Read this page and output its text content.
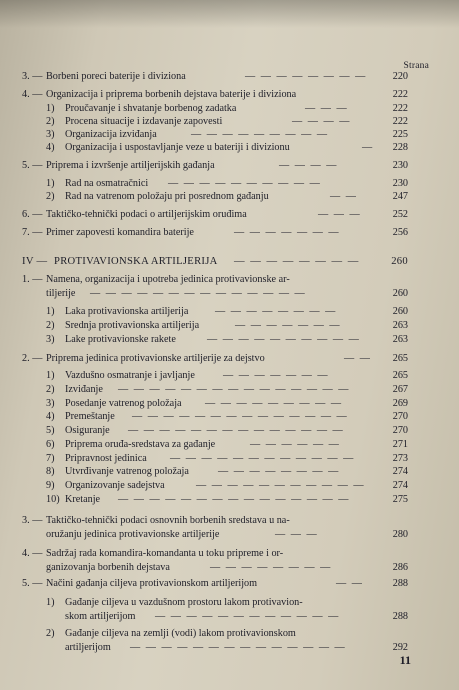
Strana
3. — Borbeni poreci baterije i diviziona	— — — — — — — —	220
4. — Organizacija i priprema borbenih dejstava baterije i diviziona	222
1) Proučavanje i shvatanje borbenog zadatka	— — —	222
2) Procena situacije i izdavanje zapovesti	— — — —	222
3) Organizacija izviđanja	— — — — — — — — —	225
4) Organizacija i uspostavljanje veze u bateriji i divizionu	— 228
5. — Priprema i izvršenje artiljerijskih gađanja	— — — —	230
1) Rad na osmatračnici — — — — — — — — — —	230
2) Rad na vatrenom položaju pri posrednom gađanju	— —	247
6. — Taktičko-tehnički podaci o artiljerijskim oruđima	— — —	252
7. — Primer zapovesti komandira baterije	— — — — — — —	256
IV — PROTIVAVIONSKA ARTILJERIJA — — — — — — — —	260
1. — Namena, organizacija i upotreba jedinica protivavionske ar-
tiljerije — — — — — — — — — — — — — —	260
1) Laka protivavionska artiljerija	— — — — — — — —	260
2) Srednja protivavionska artiljerija	— — — — — — —	263
3) Lake protivavionske rakete	— — — — — — — — — —	263
2. — Priprema jedinica protivavionske artiljerije za dejstvo	— — 265
1) Vazdušno osmatranje i javljanje	— — — — — — —	265
2) Izviđanje — — — — — — — — — — — — — — —	267
3) Posedanje vatrenog položaja — — — — — — — — —	269
4) Premeštanje — — — — — — — — — — — — — —	270
5) Osiguranje — — — — — — — — — — — — — —	270
6) Priprema oruđa-sredstava za gađanje	— — — — — —	271
7) Pripravnost jedinica — — — — — — — — — — — —	273
8) Utvrđivanje vatrenog položaja	— — — — — — — —	274
9) Organizovanje sadejstva	— — — — — — — — — — —	274
10) Kretanje — — — — — — — — — — — — — — —	275
3. — Taktičko-tehnički podaci osnovnih borbenih sredstava u na-
oružanju jedinica protivavionske artiljerije	— — —	280
4. — Sadržaj rada komandira-komandanta u toku pripreme i or-
ganizovanja borbenih dejstava	— — — — — — — —	286
5. — Načini gađanja ciljeva protivavionskom artiljerijom	— —	288
1) Gađanje ciljeva u vazdušnom prostoru lakom protivavion-
skom artiljerijom — — — — — — — — — — — —	288
2) Gađanje ciljeva na zemlji (vodi) lakom protivavionskom
artiljerijom — — — — — — — — — — — — — —	292
11
